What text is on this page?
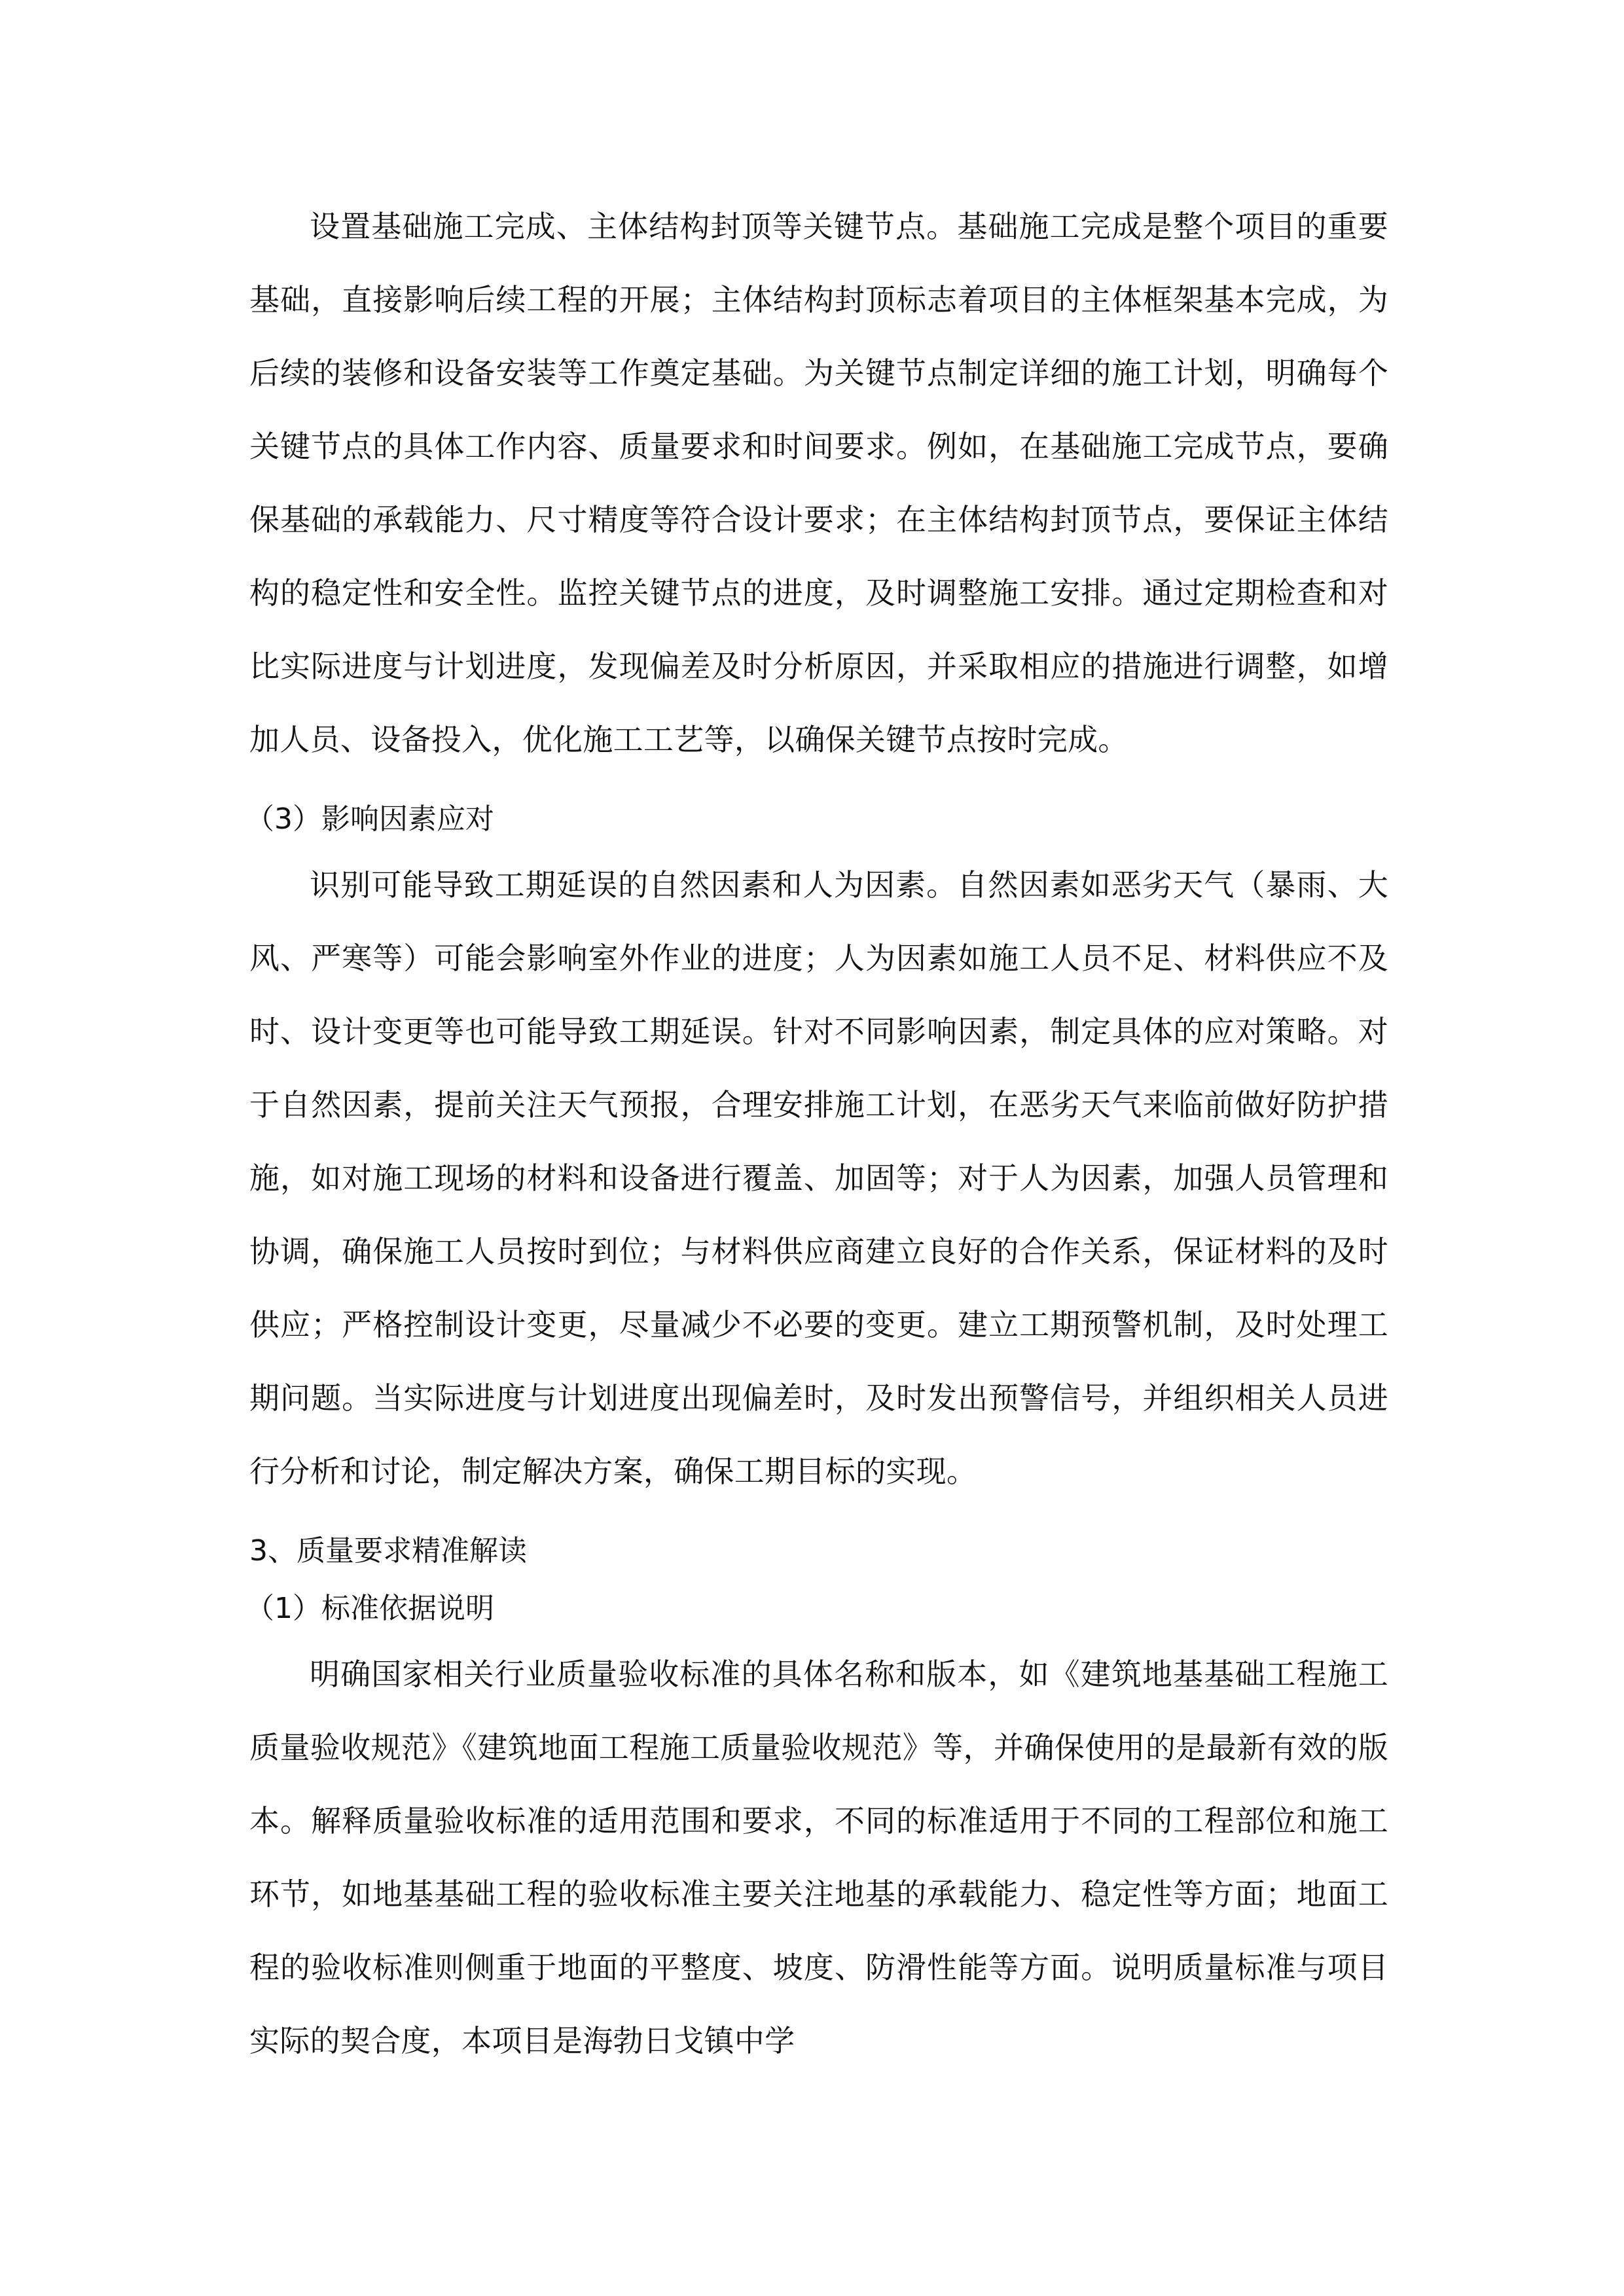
设置基础施工完成、主体结构封顶等关键节点。基础施工完成是整个项目的重要基础，直接影响后续工程的开展；主体结构封顶标志着项目的主体框架基本完成，为后续的装修和设备安装等工作奠定基础。为关键节点制定详细的施工计划，明确每个关键节点的具体工作内容、质量要求和时间要求。例如，在基础施工完成节点，要确保基础的承载能力、尺寸精度等符合设计要求；在主体结构封顶节点，要保证主体结构的稳定性和安全性。监控关键节点的进度，及时调整施工安排。通过定期检查和对比实际进度与计划进度，发现偏差及时分析原因，并采取相应的措施进行调整，如增加人员、设备投入，优化施工工艺等，以确保关键节点按时完成。

（3）影响因素应对

识别可能导致工期延误的自然因素和人为因素。自然因素如恶劣天气（暴雨、大风、严寒等）可能会影响室外作业的进度；人为因素如施工人员不足、材料供应不及时、设计变更等也可能导致工期延误。针对不同影响因素，制定具体的应对策略。对于自然因素，提前关注天气预报，合理安排施工计划，在恶劣天气来临前做好防护措施，如对施工现场的材料和设备进行覆盖、加固等；对于人为因素，加强人员管理和协调，确保施工人员按时到位；与材料供应商建立良好的合作关系，保证材料的及时供应；严格控制设计变更，尽量减少不必要的变更。建立工期预警机制，及时处理工期问题。当实际进度与计划进度出现偏差时，及时发出预警信号，并组织相关人员进行分析和讨论，制定解决方案，确保工期目标的实现。

3、质量要求精准解读

（1）标准依据说明

明确国家相关行业质量验收标准的具体名称和版本，如《建筑地基基础工程施工质量验收规范》《建筑地面工程施工质量验收规范》等，并确保使用的是最新有效的版本。解释质量验收标准的适用范围和要求，不同的标准适用于不同的工程部位和施工环节，如地基基础工程的验收标准主要关注地基的承载能力、稳定性等方面；地面工程的验收标准则侧重于地面的平整度、坡度、防滑性能等方面。说明质量标准与项目实际的契合度，本项目是海勃日戈镇中学
